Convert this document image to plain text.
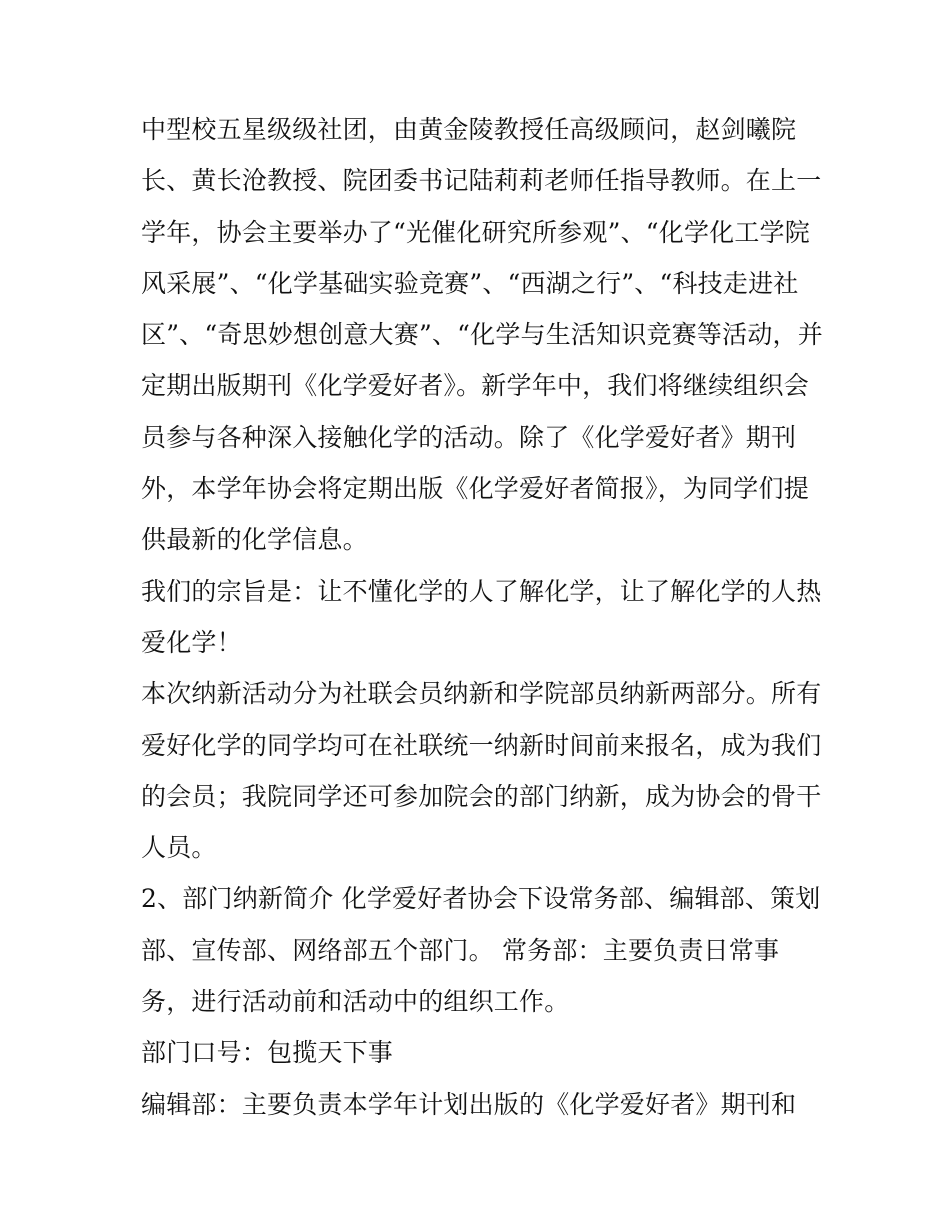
中型校五星级级社团，由黄金陵教授任高级顾问，赵剑曦院
长、黄长沧教授、院团委书记陆莉莉老师任指导教师。在上一
学年，协会主要举办了“光催化研究所参观”、“化学化工学院
风采展”、“化学基础实验竞赛”、“西湖之行”、“科技走进社
区”、“奇思妙想创意大赛”、“化学与生活知识竞赛等活动，并
定期出版期刊《化学爱好者》。新学年中，我们将继续组织会
员参与各种深入接触化学的活动。除了《化学爱好者》期刊
外，本学年协会将定期出版《化学爱好者简报》，为同学们提
供最新的化学信息。

我们的宗旨是：让不懂化学的人了解化学，让了解化学的人热
爱化学！

本次纳新活动分为社联会员纳新和学院部员纳新两部分。所有
爱好化学的同学均可在社联统一纳新时间前来报名，成为我们
的会员；我院同学还可参加院会的部门纳新，成为协会的骨干
人员。

2、部门纳新简介 化学爱好者协会下设常务部、编辑部、策划
部、宣传部、网络部五个部门。 常务部：主要负责日常事
务，进行活动前和活动中的组织工作。

部门口号：包揽天下事

编辑部：主要负责本学年计划出版的《化学爱好者》期刊和
